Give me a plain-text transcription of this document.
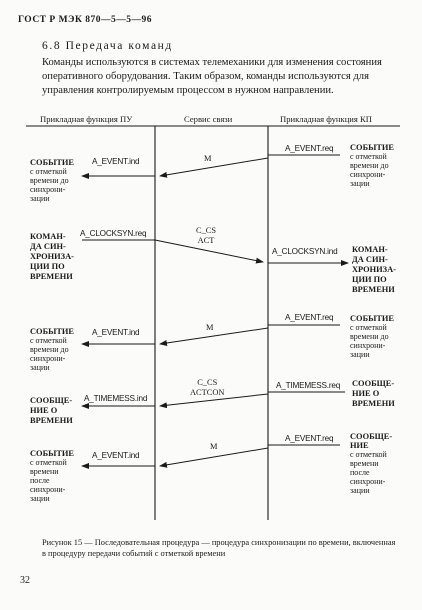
ГОСТ Р МЭК 870—5—5—96
6.8 Передача команд

Команды используются в системах телемеханики для изменения состояния оперативного оборудования. Таким образом, команды используются для управления контролируемым процессом в нужном направлении.

Прикладная функция ПУ	Сервис связи	Прикладная функция КП
СОБЫТИЕ
с отметкой
времени до
синхрони-
зации
A_EVENT.ind	M
A_EVENT.req СОБЫТИЕ
с отметкой
времени до
синхрони-
зации
КОМАН-
ДА СИН-
ХРОНИЗА-
ЦИИ ПО
ВРЕМЕНИ
A_CLOCKSYN.req	C_CS
ACT
A_CLOCKSYN.ind КОМАН-
ДА СИН-
ХРОНИЗА-
ЦИИ ПО
ВРЕМЕНИ
СОБЫТИЕ
с отметкой
времени до
синхрони-
зации
A_EVENT.ind
M
A_EVENT.req СОБЫТИЕ
с отметкой
времени до
синхрони-
зации
СООБЩЕ-
НИЕ О
ВРЕМЕНИ
A_TIMEMESS.ind
C_CS
ACTCON
A_TIMEMESS.req СООБЩЕ-
НИЕ О
ВРЕМЕНИ
СОБЫТИЕ
с отметкой
времени
после
синхрони-
зации
A_EVENT.ind
M
A_EVENT.req СООБЩЕ-
НИЕ
с отметкой
времени
после
синхрони-
зации
Рисунок 15 — Последовательная процедура — процедура синхронизации по времени, включенная в процедуру передачи событий с отметкой времени
32
